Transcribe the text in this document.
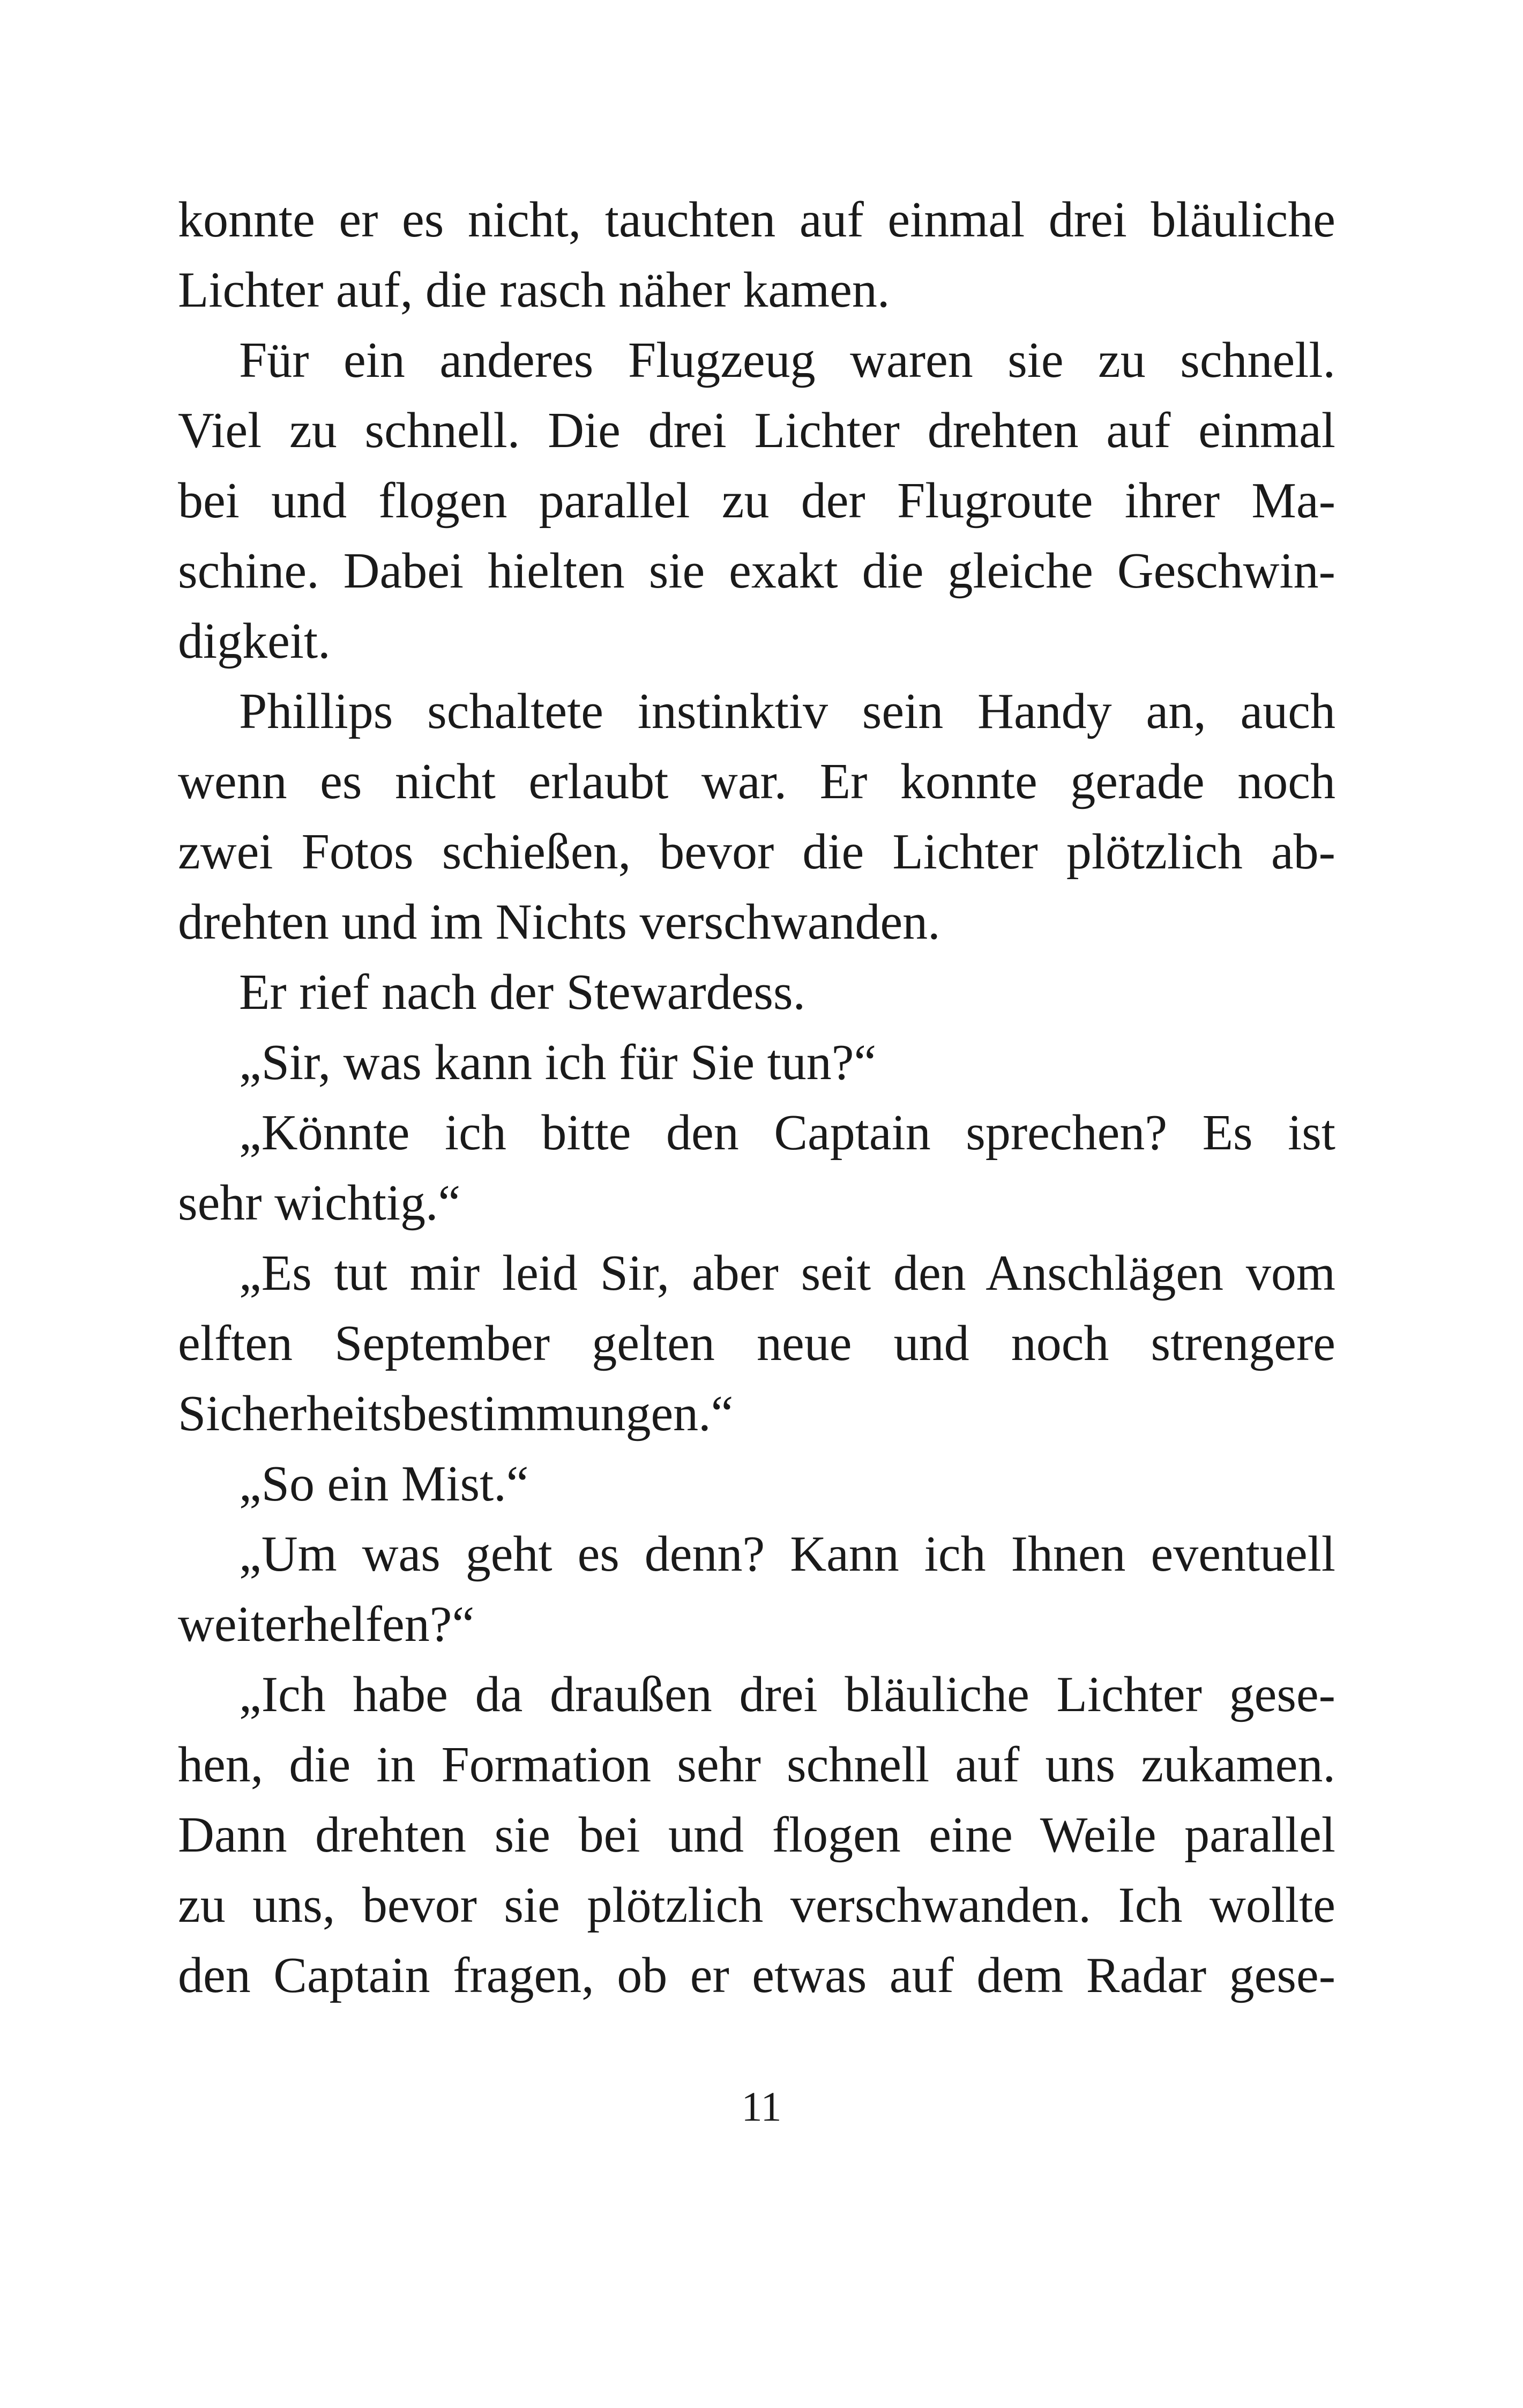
konnte er es nicht, tauchten auf einmal drei bläuliche
Lichter auf, die rasch näher kamen.
Für ein anderes Flugzeug waren sie zu schnell.
Viel zu schnell. Die drei Lichter drehten auf einmal
bei und flogen parallel zu der Flugroute ihrer Ma-
schine. Dabei hielten sie exakt die gleiche Geschwin-
digkeit.
Phillips schaltete instinktiv sein Handy an, auch
wenn es nicht erlaubt war. Er konnte gerade noch
zwei Fotos schießen, bevor die Lichter plötzlich ab-
drehten und im Nichts verschwanden.
Er rief nach der Stewardess.
„Sir, was kann ich für Sie tun?“
„Könnte ich bitte den Captain sprechen? Es ist
sehr wichtig.“
„Es tut mir leid Sir, aber seit den Anschlägen vom
elften September gelten neue und noch strengere
Sicherheitsbestimmungen.“
„So ein Mist.“
„Um was geht es denn? Kann ich Ihnen eventuell
weiterhelfen?“
„Ich habe da draußen drei bläuliche Lichter gese-
hen, die in Formation sehr schnell auf uns zukamen.
Dann drehten sie bei und flogen eine Weile parallel
zu uns, bevor sie plötzlich verschwanden. Ich wollte
den Captain fragen, ob er etwas auf dem Radar gese-
11
